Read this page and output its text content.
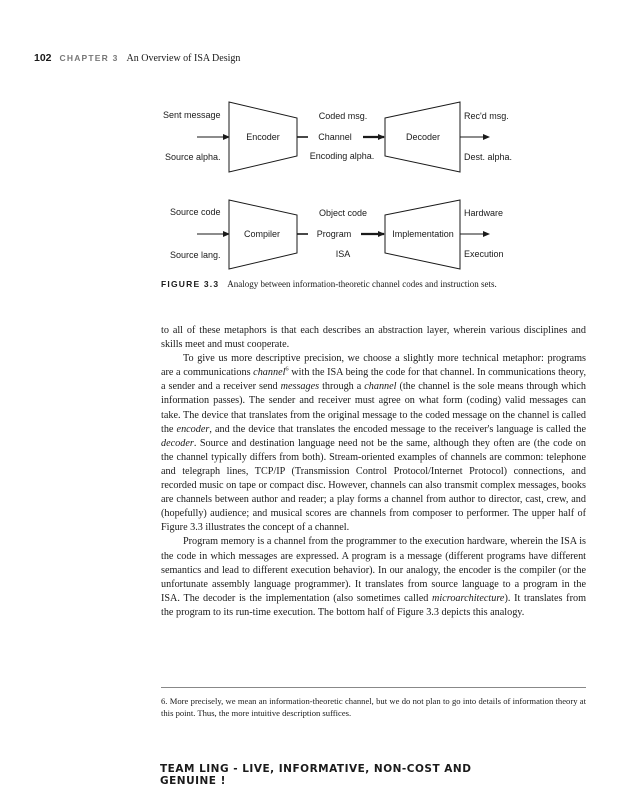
102 CHAPTER 3 An Overview of ISA Design
Sent message
Source alpha.
Encoder
Coded msg.
Channel
Encoding alpha.
Decoder
Rec'd msg.
Dest. alpha.
Source code
Source lang.
Compiler
Object code
Program
ISA
Implementation
Hardware
Execution
FIGURE 3.3 Analogy between information-theoretic channel codes and instruction sets.

to all of these metaphors is that each describes an abstraction layer, wherein various disciplines and skills meet and must cooperate.

To give us more descriptive precision, we choose a slightly more technical metaphor: programs are a communications channel$^6$ with the ISA being the code for that channel. In communications theory, a sender and a receiver send messages through a channel (the channel is the sole means through which information passes). The sender and receiver must agree on what form (coding) valid messages can take. The device that translates from the original message to the coded message on the channel is called the encoder, and the device that translates the encoded message to the receiver's language is called the decoder. Source and destination language need not be the same, although they often are (the code on the channel typically differs from both). Stream-oriented examples of channels are common: telephone and telegraph lines, TCP/IP (Transmission Control Protocol/Internet Protocol) connections, and recorded music on tape or compact disc. However, channels can also transmit complex messages, books are channels between author and reader; a play forms a channel from author to director, cast, crew, and (hopefully) audience; and musical scores are channels from composer to performer. The upper half of Figure 3.3 illustrates the concept of a channel.

Program memory is a channel from the programmer to the execution hardware, wherein the ISA is the code in which messages are expressed. A program is a message (different programs have different semantics and lead to different execution behavior). In our analogy, the encoder is the compiler (or the unfortunate assembly language programmer). It translates from source language to a program in the ISA. The decoder is the implementation (also sometimes called microarchitecture). It translates from the program to its run-time execution. The bottom half of Figure 3.3 depicts this analogy.

6. More precisely, we mean an information-theoretic channel, but we do not plan to go into details of information theory at this point. Thus, the more intuitive description suffices.
TEAM LING - LIVE, INFORMATIVE, NON-COST AND GENUINE !
